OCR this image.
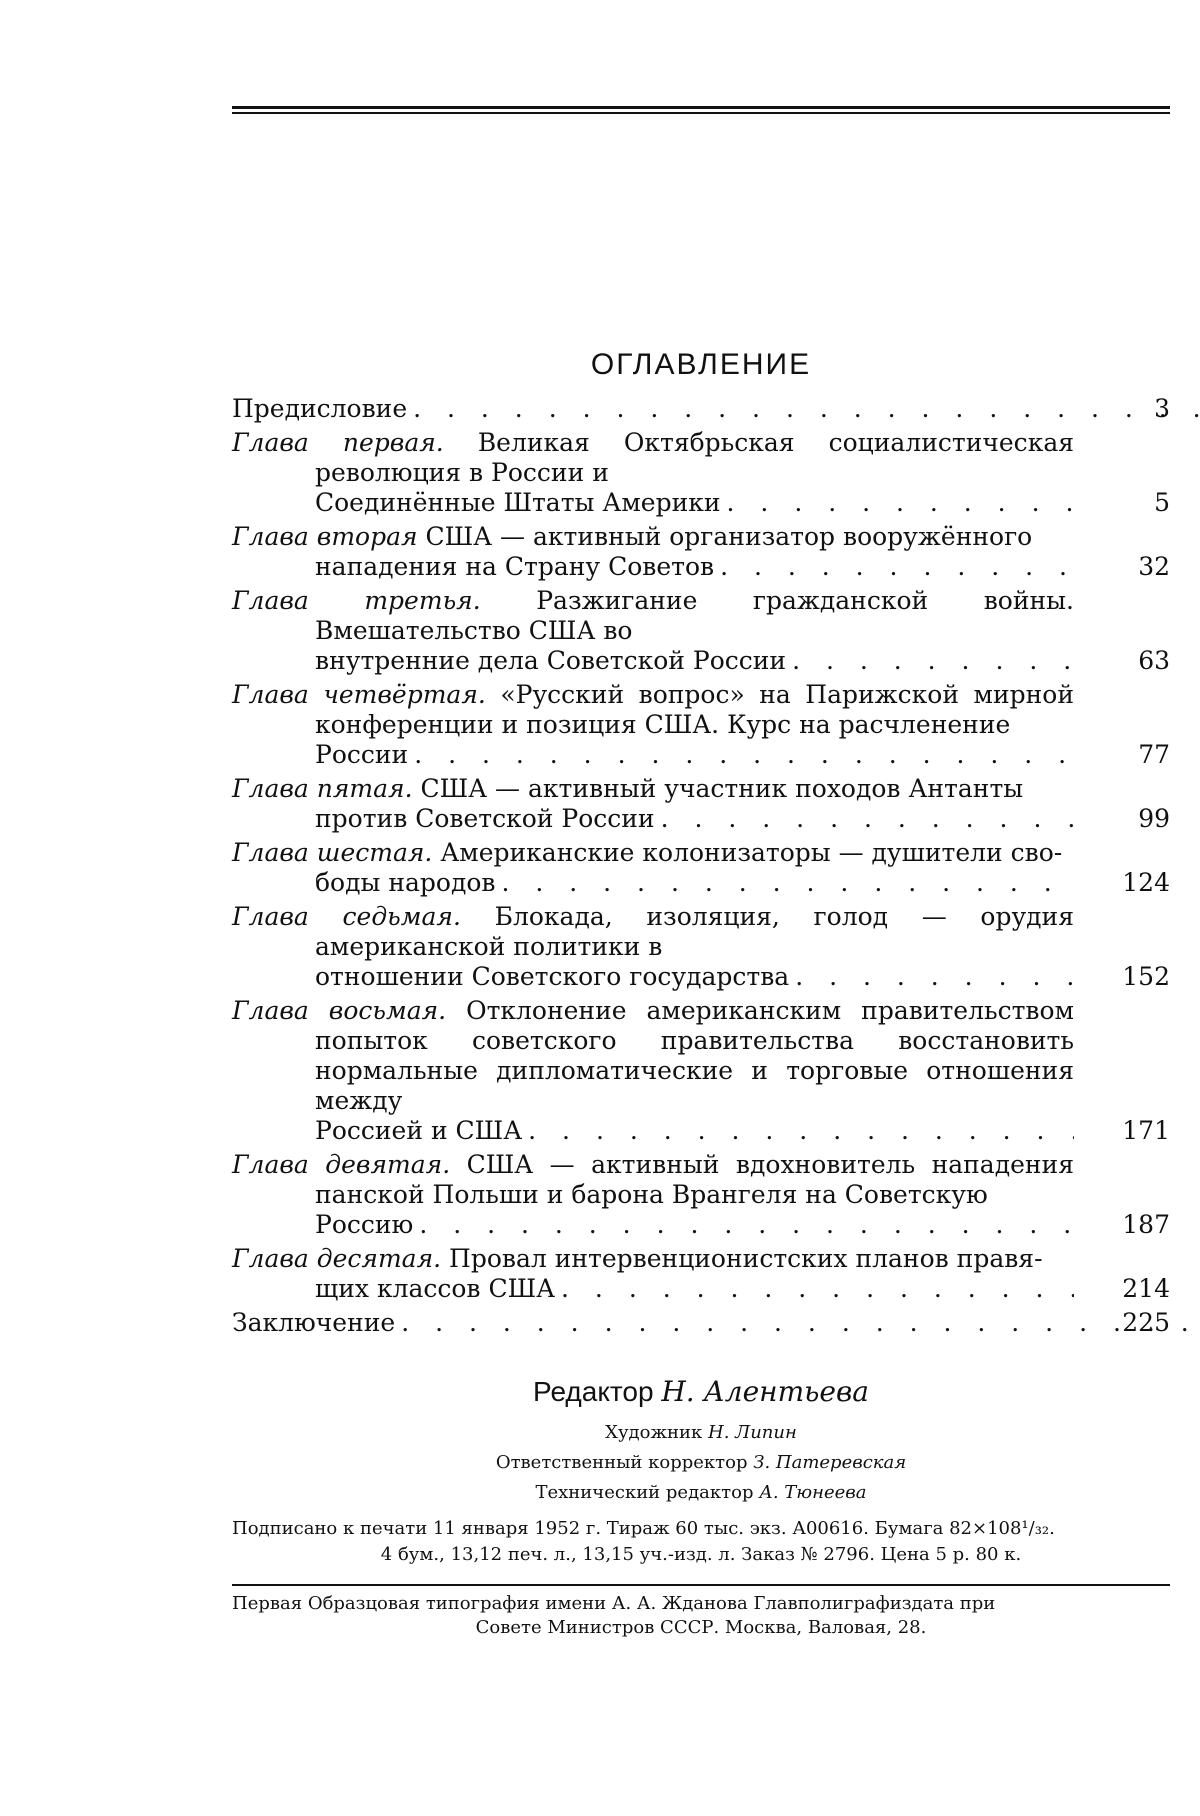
ОГЛАВЛЕНИЕ
Предисловие . . .	3
Глава первая. Великая Октябрьская социалистическая революция в России и
Соединённые Штаты Америки
. . .	5
Глава вторая США — активный организатор вооружённого
нападения на Страну Советов
. . .	32
Глава третья. Разжигание гражданской войны. Вмешательство США во
внутренние дела Советской России
. . .	63
Глава четвёртая. «Русский вопрос» на Парижской мирной конференции и позиция США. Курс на расчленение
России
. . .	77
Глава пятая. США — активный участник походов Антанты
против Советской России
. . .	99
Глава шестая. Американские колонизаторы — душители сво-
боды народов
. . .	124
Глава седьмая. Блокада, изоляция, голод — орудия американской политики в
отношении Советского государства
. . .	152
Глава восьмая. Отклонение американским правительством попыток советского правительства восстановить нормальные дипломатические и торговые отношения между
Россией и США
. . .	171
Глава девятая. США — активный вдохновитель нападения панской Польши и барона Врангеля на Советскую
Россию
. . .	187
Глава десятая. Провал интервенционистских планов правя-
щих классов США
. . .	214
Заключение . . .	225
Редактор Н. Алентьева
Художник Н. Липин
Ответственный корректор З. Патеревская
Технический редактор А. Тюнеева

Подписано к печати 11 января 1952 г. Тираж 60 тыс. экз. А00616. Бумага 82×108¹/₃₂.

4 бум., 13,12 печ. л., 13,15 уч.-изд. л. Заказ № 2796. Цена 5 р. 80 к.

Первая Образцовая типография имени А. А. Жданова Главполиграфиздата при

Совете Министров СССР. Москва, Валовая, 28.
